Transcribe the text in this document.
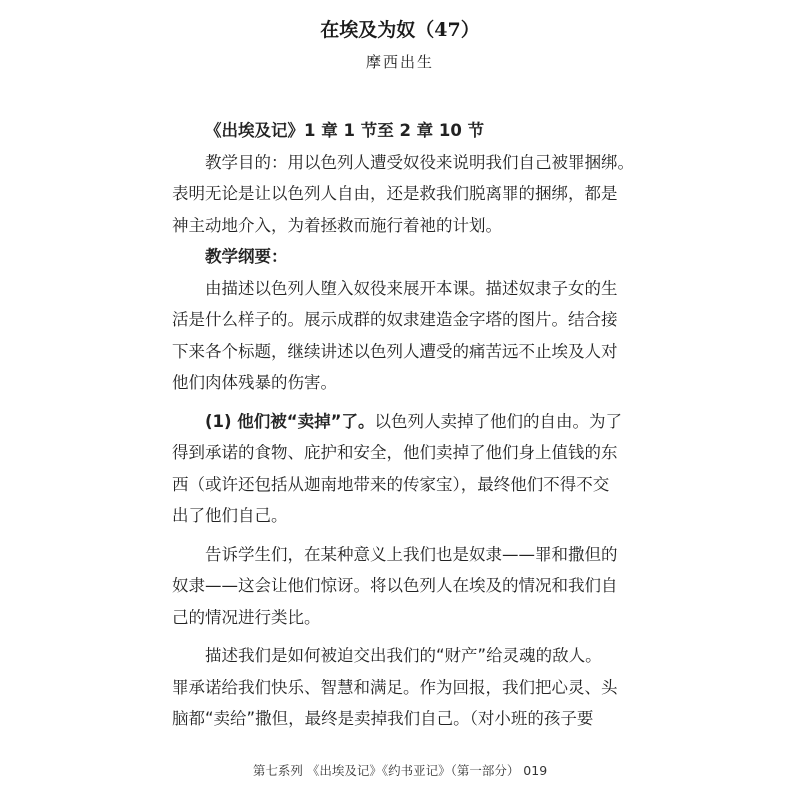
在埃及为奴（47）
摩西出生

《出埃及记》1 章 1 节至 2 章 10 节

教学目的：用以色列人遭受奴役来说明我们自己被罪捆绑。

表明无论是让以色列人自由，还是救我们脱离罪的捆绑，都是

神主动地介入，为着拯救而施行着祂的计划。

教学纲要：

由描述以色列人堕入奴役来展开本课。描述奴隶子女的生

活是什么样子的。展示成群的奴隶建造金字塔的图片。结合接

下来各个标题，继续讲述以色列人遭受的痛苦远不止埃及人对

他们肉体残暴的伤害。

(1) 他们被“卖掉”了。以色列人卖掉了他们的自由。为了

得到承诺的食物、庇护和安全，他们卖掉了他们身上值钱的东

西（或许还包括从迦南地带来的传家宝），最终他们不得不交

出了他们自己。

告诉学生们，在某种意义上我们也是奴隶——罪和撒但的

奴隶——这会让他们惊讶。将以色列人在埃及的情况和我们自

己的情况进行类比。

描述我们是如何被迫交出我们的“财产”给灵魂的敌人。

罪承诺给我们快乐、智慧和满足。作为回报，我们把心灵、头

脑都“卖给”撒但，最终是卖掉我们自己。（对小班的孩子要

第七系列 《出埃及记》《约书亚记》（第一部分） 019
